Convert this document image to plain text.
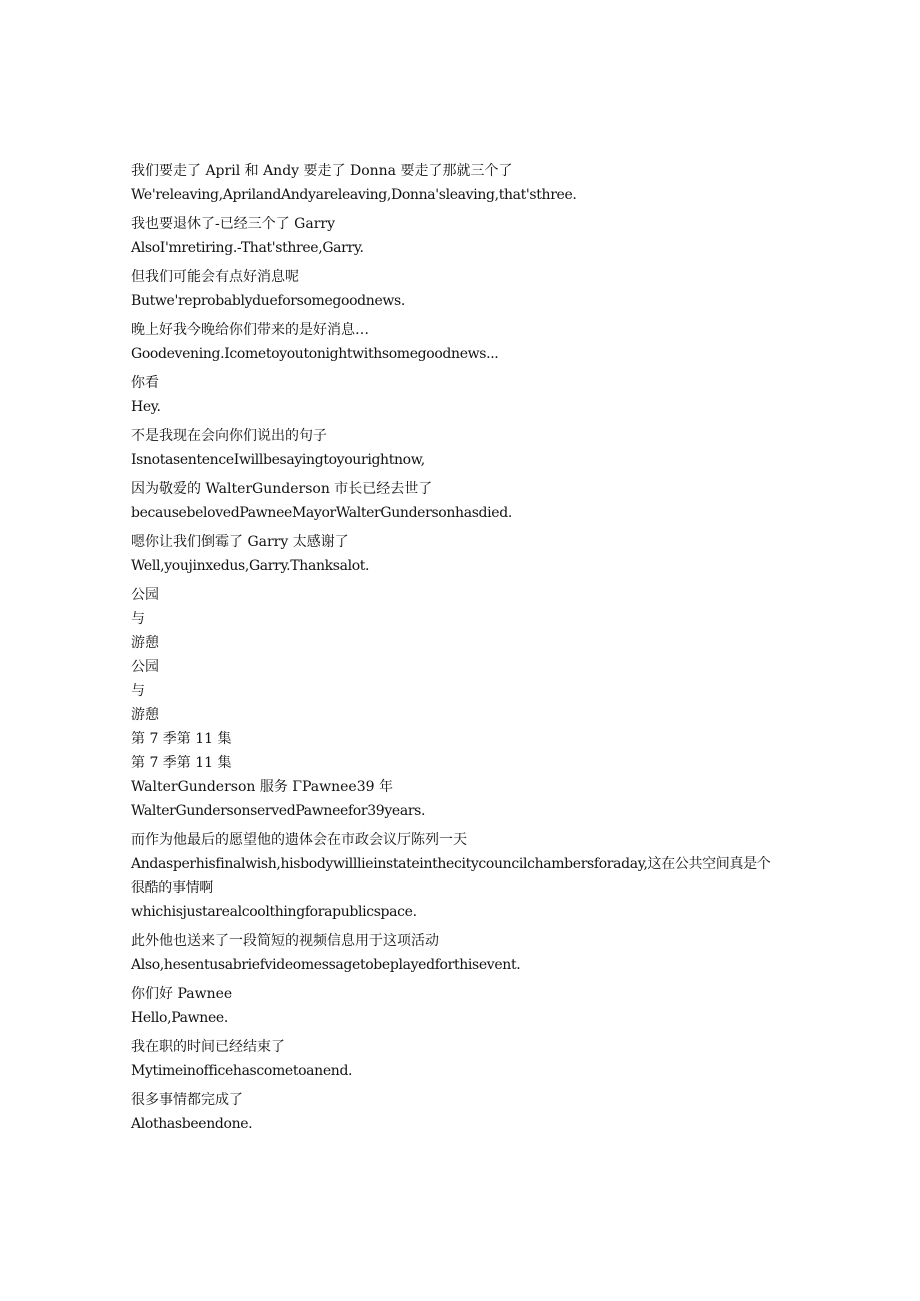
我们要走了 April 和 Andy 要走了 Donna 要走了那就三个了
We'releaving,AprilandAndyareleaving,Donna'sleaving,that'sthree.
我也要退休了-已经三个了 Garry
AlsoI'mretiring.-That'sthree,Garry.
但我们可能会有点好消息呢
Butwe'reprobablydueforsomegoodnews.
晚上好我今晚给你们带来的是好消息…
Goodevening.Icometoyoutonightwithsomegoodnews...
你看
Hey.
不是我现在会向你们说出的句子
IsnotasentenceIwillbesayingtoyourightnow,
因为敬爱的 WalterGunderson 市长已经去世了
becausebelovedPawneeMayorWalterGundersonhasdied.
嗯你让我们倒霉了 Garry 太感谢了
Well,youjinxedus,Garry.Thanksalot.
公园
与
游憩
公园
与
游憩
第 7 季第 11 集
第 7 季第 11 集
WalterGunderson 服务 ΓPawnee39 年
WalterGundersonservedPawneefor39years.
而作为他最后的愿望他的遗体会在市政会议厅陈列一天
Andasperhisfinalwish,hisbodywilllieinstateinthecitycouncilchambersforaday,这在公共空间真是个很酷的事情啊
whichisjustarealcoolthingforapublicspace.
此外他也送来了一段简短的视频信息用于这项活动
Also,hesentusabriefvideomessagetobeplayedforthisevent.
你们好 Pawnee
Hello,Pawnee.
我在职的时间已经结束了
Mytimeinofficehascometoanend.
很多事情都完成了
Alothasbeendone.
